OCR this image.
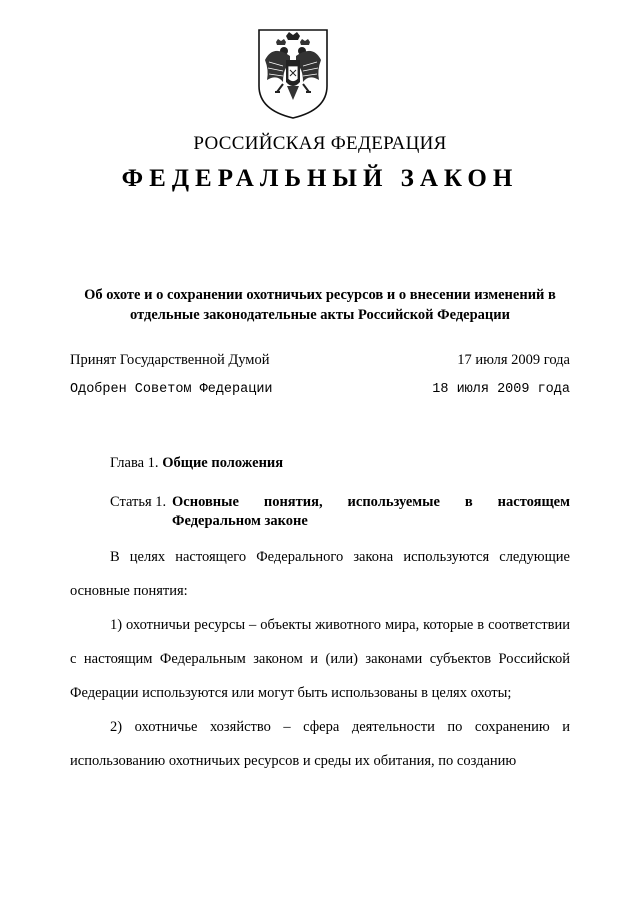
РОССИЙСКАЯ ФЕДЕРАЦИЯ
ФЕДЕРАЛЬНЫЙ ЗАКОН
Об охоте и о сохранении охотничьих ресурсов и о внесении изменений в отдельные законодательные акты Российской Федерации
Принят Государственной Думой	17 июля 2009 года
Одобрен Советом Федерации	18 июля 2009 года
Глава 1. Общие положения
Статья 1. Основные понятия, используемые в настоящем Федеральном законе

В целях настоящего Федерального закона используются следующие основные понятия:

1) охотничьи ресурсы – объекты животного мира, которые в соответствии с настоящим Федеральным законом и (или) законами субъектов Российской Федерации используются или могут быть использованы в целях охоты;

2) охотничье хозяйство – сфера деятельности по сохранению и использованию охотничьих ресурсов и среды их обитания, по созданию
